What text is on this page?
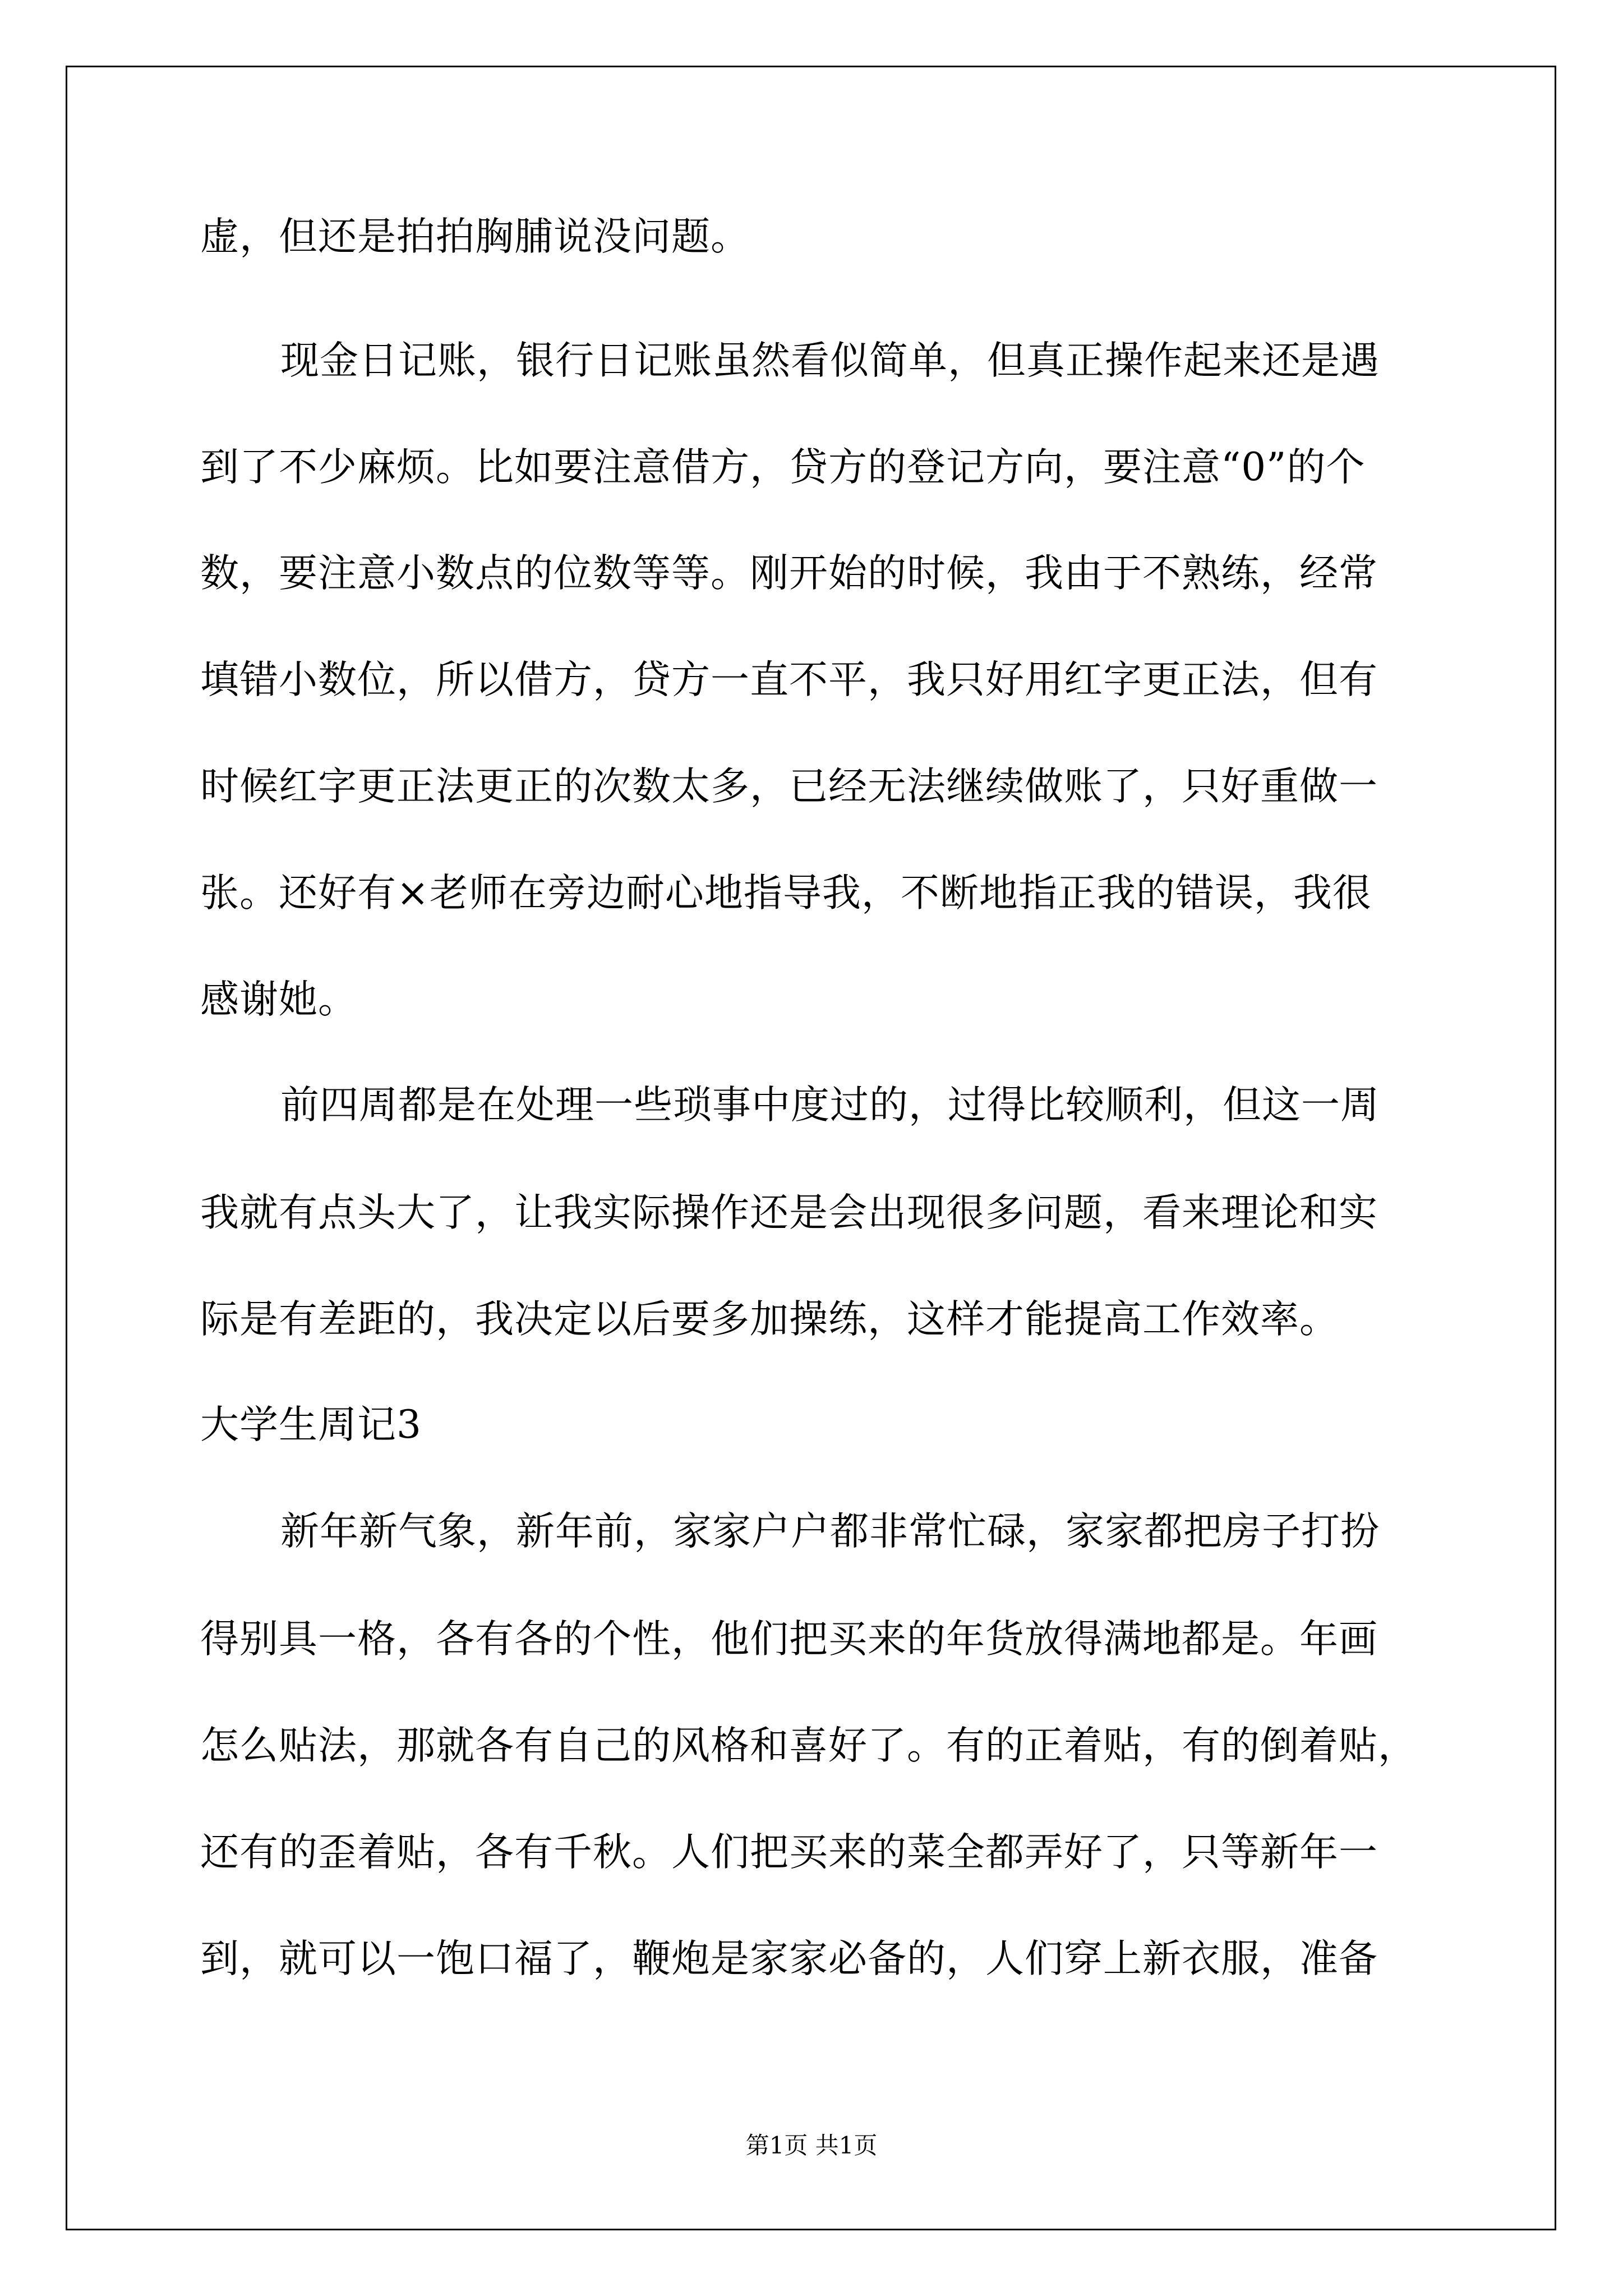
虚，但还是拍拍胸脯说没问题。

现金日记账，银行日记账虽然看似简单，但真正操作起来还是遇

到了不少麻烦。比如要注意借方，贷方的登记方向，要注意“0”的个

数，要注意小数点的位数等等。刚开始的时候，我由于不熟练，经常

填错小数位，所以借方，贷方一直不平，我只好用红字更正法，但有

时候红字更正法更正的次数太多，已经无法继续做账了，只好重做一

张。还好有×老师在旁边耐心地指导我，不断地指正我的错误，我很

感谢她。

前四周都是在处理一些琐事中度过的，过得比较顺利，但这一周

我就有点头大了，让我实际操作还是会出现很多问题，看来理论和实

际是有差距的，我决定以后要多加操练，这样才能提高工作效率。

大学生周记3

新年新气象，新年前，家家户户都非常忙碌，家家都把房子打扮

得别具一格，各有各的个性，他们把买来的年货放得满地都是。年画

怎么贴法，那就各有自己的风格和喜好了。有的正着贴，有的倒着贴，

还有的歪着贴，各有千秋。人们把买来的菜全都弄好了，只等新年一

到，就可以一饱口福了，鞭炮是家家必备的，人们穿上新衣服，准备

第1页 共1页
